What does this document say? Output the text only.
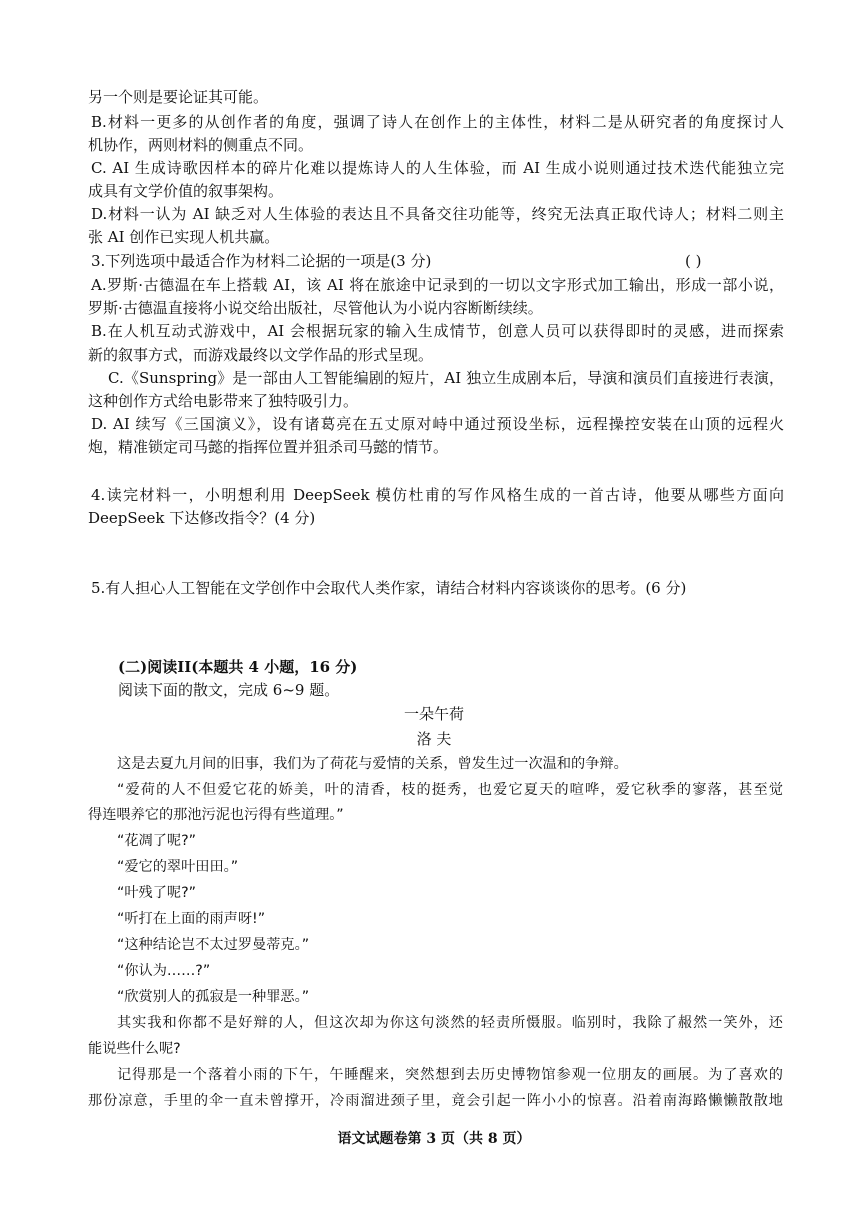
另一个则是要论证其可能。

B.材料一更多的从创作者的角度，强调了诗人在创作上的主体性，材料二是从研究者的角度探讨人

机协作，两则材料的侧重点不同。

C. AI 生成诗歌因样本的碎片化难以提炼诗人的人生体验，而 AI 生成小说则通过技术迭代能独立完

成具有文学价值的叙事架构。

D.材料一认为 AI 缺乏对人生体验的表达且不具备交往功能等，终究无法真正取代诗人；材料二则主

张 AI 创作已实现人机共赢。

3.下列选项中最适合作为材料二论据的一项是(3 分)	( )

A.罗斯·古德温在车上搭载 AI，该 AI 将在旅途中记录到的一切以文字形式加工输出，形成一部小说，

罗斯·古德温直接将小说交给出版社，尽管他认为小说内容断断续续。

B.在人机互动式游戏中，AI 会根据玩家的输入生成情节，创意人员可以获得即时的灵感，进而探索

新的叙事方式，而游戏最终以文学作品的形式呈现。

C.《Sunspring》是一部由人工智能编剧的短片，AI 独立生成剧本后，导演和演员们直接进行表演，

这种创作方式给电影带来了独特吸引力。

D. AI 续写《三国演义》，设有诸葛亮在五丈原对峙中通过预设坐标，远程操控安装在山顶的远程火

炮，精准锁定司马懿的指挥位置并狙杀司马懿的情节。

4.读完材料一，小明想利用 DeepSeek 模仿杜甫的写作风格生成的一首古诗，他要从哪些方面向

DeepSeek 下达修改指令？(4 分)

5.有人担心人工智能在文学创作中会取代人类作家，请结合材料内容谈谈你的思考。(6 分)

(二)阅读II(本题共 4 小题，16 分)

阅读下面的散文，完成 6~9 题。

一朵午荷
洛 夫

这是去夏九月间的旧事，我们为了荷花与爱情的关系，曾发生过一次温和的争辩。

“爱荷的人不但爱它花的娇美，叶的清香，枝的挺秀，也爱它夏天的喧哗，爱它秋季的寥落，甚至觉

得连喂养它的那池污泥也污得有些道理。”

“花凋了呢?”

“爱它的翠叶田田。”

“叶残了呢?”

“听打在上面的雨声呀!”

“这种结论岂不太过罗曼蒂克。”

“你认为……?”

“欣赏别人的孤寂是一种罪恶。”

其实我和你都不是好辩的人，但这次却为你这句淡然的轻责所慑服。临别时，我除了赧然一笑外，还

能说些什么呢?

记得那是一个落着小雨的下午，午睡醒来，突然想到去历史博物馆参观一位朋友的画展。为了喜欢的

那份凉意，手里的伞一直未曾撑开，冷雨溜进颈子里，竟会引起一阵小小的惊喜。沿着南海路懒懒散散地

语文试题卷第 3 页（共 8 页）
